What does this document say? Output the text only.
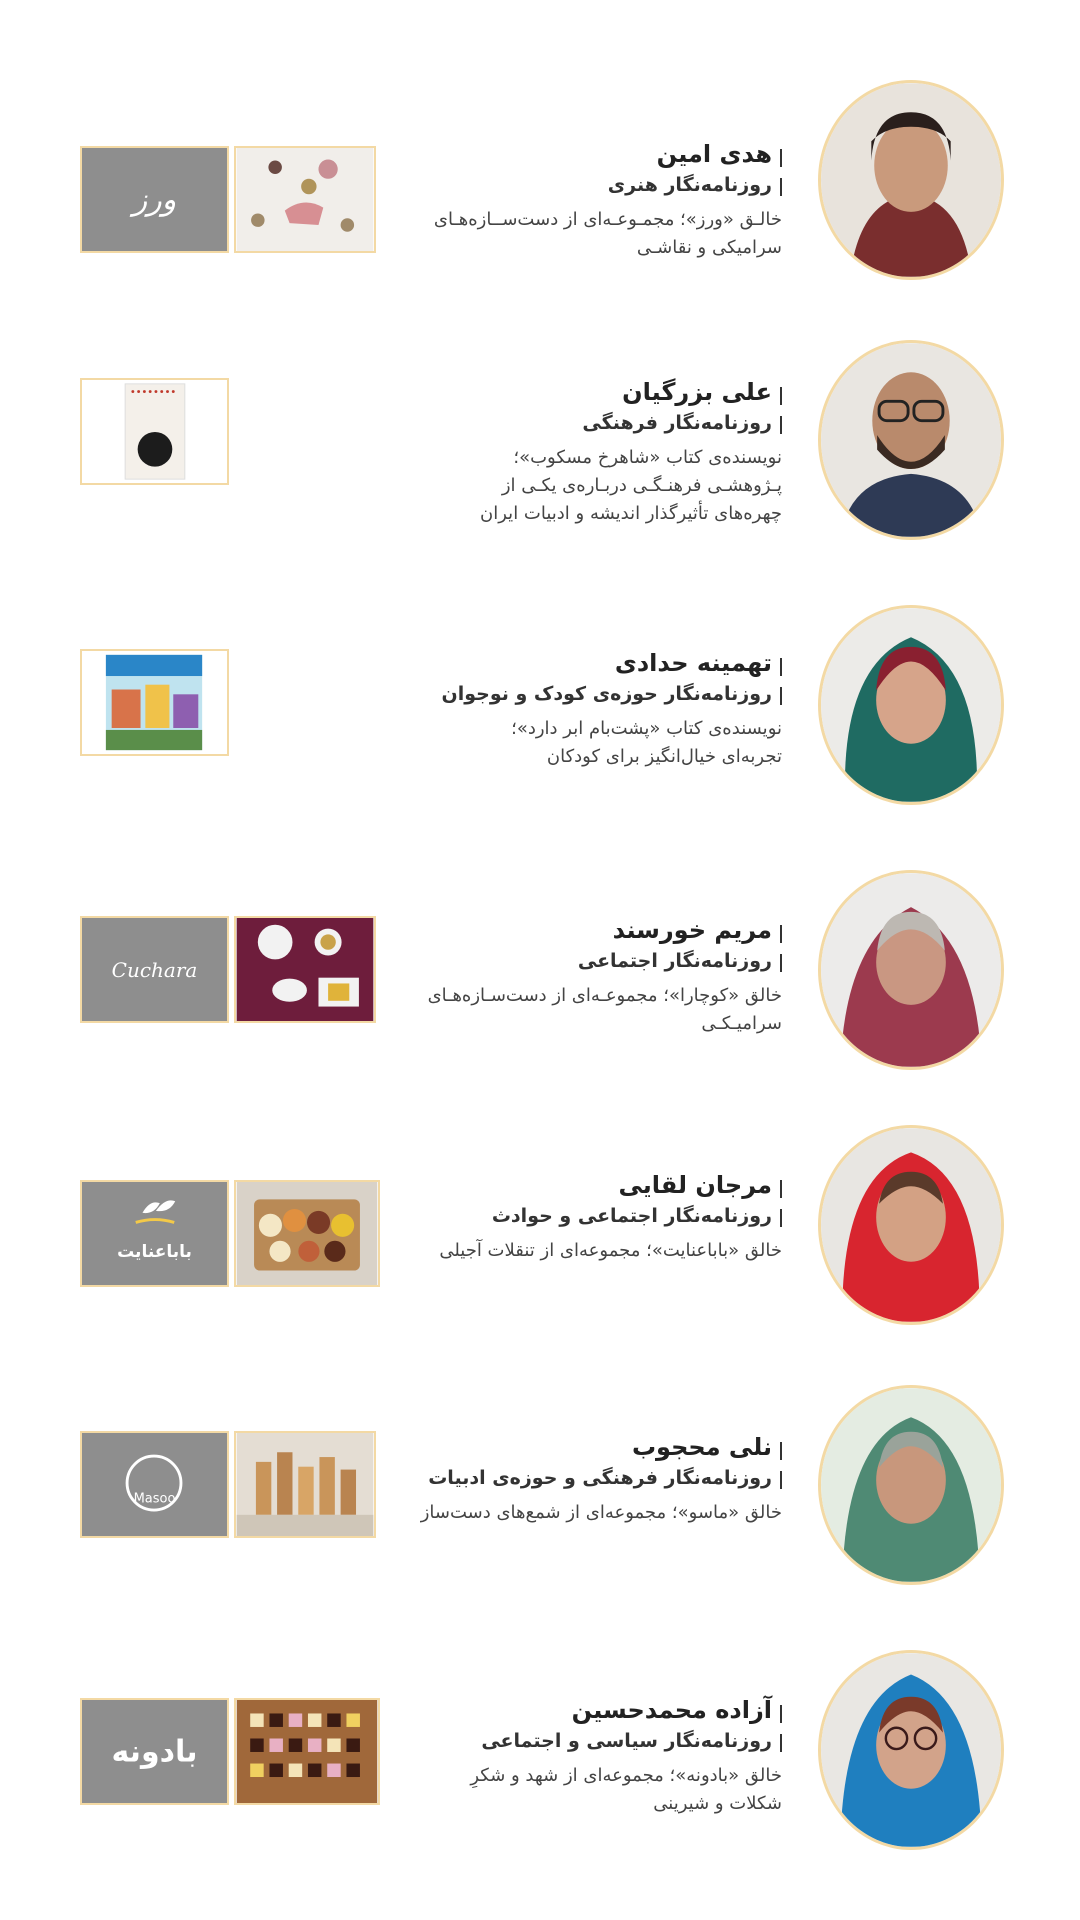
هدی امین
روزنامه‌نگار هنری
خالـق «ورز»؛ مجمـوعـه‌ای از دست‌ســازه‌هـای
سرامیکی و نقاشـی
ورز
علی بزرگیان
روزنامه‌نگار فرهنگی
نویسنده‌ی کتاب «شاهرخ مسکوب»؛
پـژوهشـی فرهنـگـی دربـاره‌ی یکـی از
چهره‌های تأثیرگذار اندیشه و ادبیات ایران
تهمینه حدادی
روزنامه‌نگار حوزه‌ی کودک و نوجوان
نویسنده‌ی کتاب «پشت‌بام ابر دارد»؛
تجربه‌ای خیال‌انگیز برای کودکان
مریم خورسند
روزنامه‌نگار اجتماعی
خالق «کوچارا»؛ مجموعـه‌ای از دست‌سـازه‌هـای
سرامیـکـی
Cuchara
مرجان لقایی
روزنامه‌نگار اجتماعی و حوادث
خالق «باباعنایت»؛ مجموعه‌ای از تنقلات آجیلی
باباعنایت
نلی محجوب
روزنامه‌نگار فرهنگی و حوزه‌ی ادبیات
خالق «ماسو»؛ مجموعه‌ای از شمع‌های دست‌ساز
Masoo
آزاده محمدحسین
روزنامه‌نگار سیاسی و اجتماعی
خالق «بادونه»؛ مجموعه‌ای از شهد و شکرِ
شکلات و شیرینی
بادونه
